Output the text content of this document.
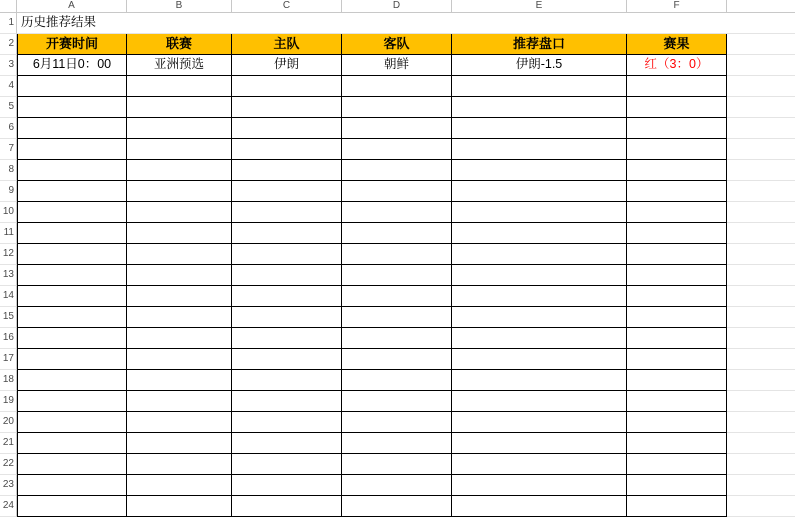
A	B	C	D	E	F
1
2
3
4
5
6
7
8
9
10
11
12
13
14
15
16
17
18
19
20
21
22
23
24
历史推荐结果
开赛时间	联赛	主队	客队	推荐盘口	赛果
6月11日0：00	亚洲预选	伊朗	朝鲜	伊朗-1.5	红（3：0）
